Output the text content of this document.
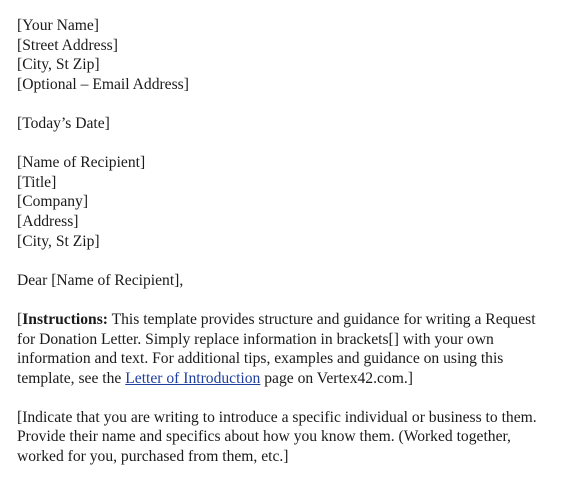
[Your Name]
[Street Address]
[City, St Zip]
[Optional – Email Address]
[Today’s Date]
[Name of Recipient]
[Title]
[Company]
[Address]
[City, St Zip]
Dear [Name of Recipient],
[Instructions: This template provides structure and guidance for writing a Request for Donation Letter. Simply replace information in brackets[] with your own information and text. For additional tips, examples and guidance on using this template, see the Letter of Introduction page on Vertex42.com.]
[Indicate that you are writing to introduce a specific individual or business to them. Provide their name and specifics about how you know them. (Worked together, worked for you, purchased from them, etc.]
